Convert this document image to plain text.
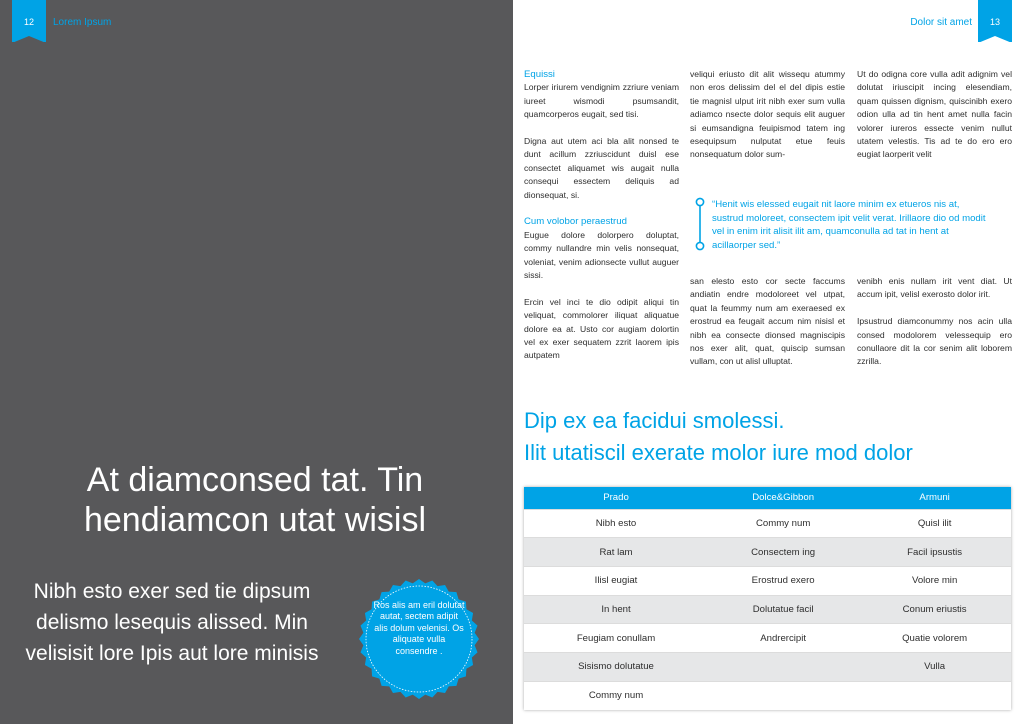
12	Lorem Ipsum
At diamconsed tat. Tin hendiamcon utat wisisl
Nibh esto exer sed tie dipsum delismo lesequis alissed. Min velisisit lore Ipis aut lore minisis

Ros alis am eril dolutat autat, sectem adipit alis dolum velenisi. Os aliquate vulla consendre .
13
Dolor sit amet
Equissi

Lorper iriurem vendignim zzriure veniam iureet wismodi psumsandit, quamcorperos eugait, sed tisi.

Digna aut utem aci bla alit nonsed te dunt acillum zzriuscidunt duisl ese consectet aliquamet wis augait nulla consequi essectem deliquis ad dionsequat, si.

Cum volobor peraestrud

Eugue dolore dolorpero doluptat, commy nullandre min velis nonsequat, voleniat, venim adionsecte vullut auguer sissi.

Ercin vel inci te dio odipit aliqui tin veliquat, commolorer iliquat aliquatue dolore ea at. Usto cor augiam dolortin vel ex exer sequatem zzrit laorem ipis autpatem

veliqui eriusto dit alit wissequ atummy non eros delissim del el del dipis estie tie magnisl ulput irit nibh exer sum vulla adiamco nsecte dolor sequis elit auguer si eumsandigna feuipismod tatem ing esequipsum nulputat etue feuis nonsequatum dolor sum-

Ut do odigna core vulla adit adignim vel dolutat iriuscipit incing elesendiam, quam quissen dignism, quiscinibh exero odion ulla ad tin hent amet nulla facin volorer iureros essecte venim nullut utatem velestis. Tis ad te do ero ero eugiat laorperit velit

“Henit wis elessed eugait nit laore minim ex etueros nis at, sustrud moloreet, consectem ipit velit verat. Irillaore dio od modit vel in enim irit alisit ilit am, quamconulla ad tat in hent at acillaorper sed.”

san elesto esto cor secte faccums andiatin endre modoloreet vel utpat, quat la feummy num am exeraesed ex erostrud ea feugait accum nim nisisl et nibh ea consecte dionsed magniscipis nos exer alit, quat, quiscip sumsan vullam, con ut alisl ulluptat.

venibh enis nullam irit vent diat. Ut accum ipit, velisl exerosto dolor irit.

Ipsustrud diamconummy nos acin ulla consed modolorem velessequip ero conullaore dit la cor senim alit loborem zzrilla.

Dip ex ea facidui smolessi.
Ilit utatiscil exerate molor iure mod dolor
Prado	Dolce&Gibbon	Armuni
Nibh esto	Commy num	Quisl ilit
Rat lam	Consectem ing	Facil ipsustis
Ilisl eugiat	Erostrud exero	Volore min
In hent	Dolutatue facil	Conum eriustis
Feugiam conullam	Andrercipit	Quatie volorem
Sisismo dolutatue		Vulla
Commy num		
